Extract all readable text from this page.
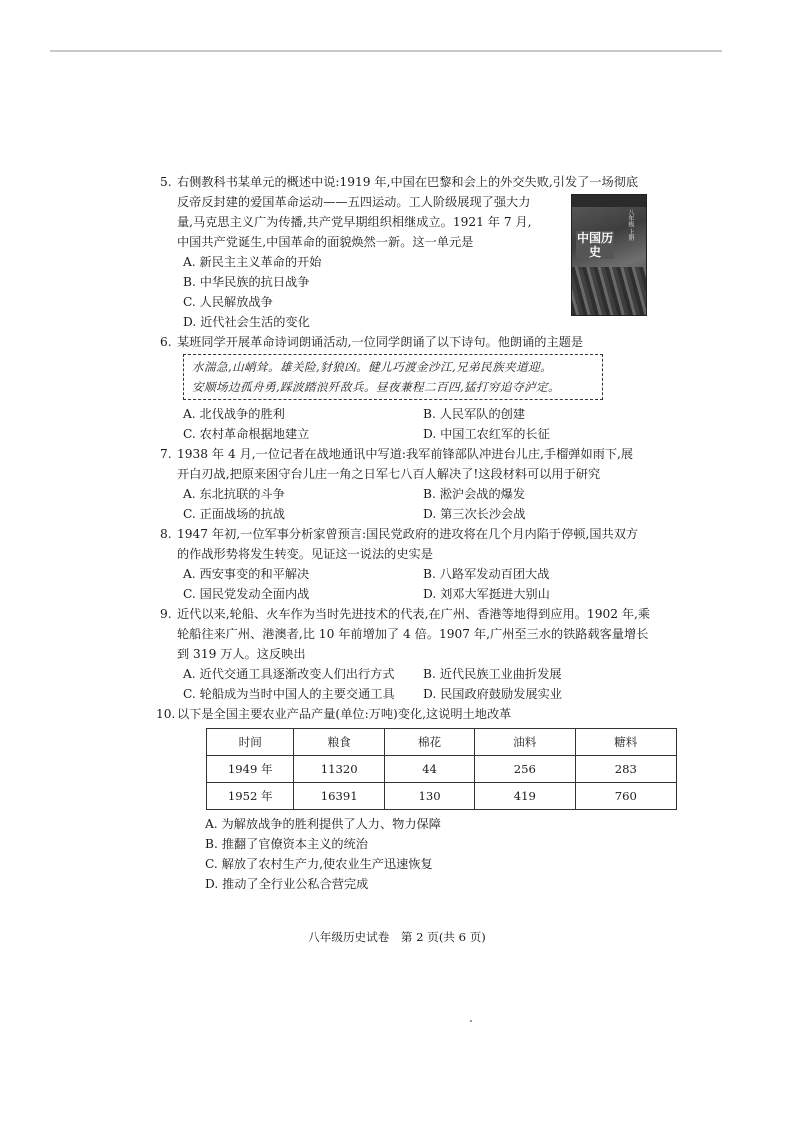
5. 右侧教科书某单元的概述中说:1919 年,中国在巴黎和会上的外交失败,引发了一场彻底

反帝反封建的爱国革命运动——五四运动。工人阶级展现了强大力

量,马克思主义广为传播,共产党早期组织相继成立。1921 年 7 月,

中国共产党诞生,中国革命的面貌焕然一新。这一单元是

A. 新民主主义革命的开始

B. 中华民族的抗日战争

C. 人民解放战争

D. 近代社会生活的变化

八年级 上册
中国历史
6. 某班同学开展革命诗词朗诵活动,一位同学朗诵了以下诗句。他朗诵的主题是

水湍急,山峭耸。雄关险,豺狼凶。健儿巧渡金沙江,兄弟民族夹道迎。
安顺场边孤舟勇,踩波踏浪歼敌兵。昼夜兼程二百四,猛打穷追夺泸定。
A. 北伐战争的胜利	B. 人民军队的创建
C. 农村革命根据地建立	D. 中国工农红军的长征
7. 1938 年 4 月,一位记者在战地通讯中写道:我军前锋部队冲进台儿庄,手榴弹如雨下,展

开白刃战,把原来困守台儿庄一角之日军七八百人解决了!这段材料可以用于研究

A. 东北抗联的斗争	B. 淞沪会战的爆发
C. 正面战场的抗战	D. 第三次长沙会战
8. 1947 年初,一位军事分析家曾预言:国民党政府的进攻将在几个月内陷于停顿,国共双方

的作战形势将发生转变。见证这一说法的史实是

A. 西安事变的和平解决	B. 八路军发动百团大战
C. 国民党发动全面内战	D. 刘邓大军挺进大别山
9. 近代以来,轮船、火车作为当时先进技术的代表,在广州、香港等地得到应用。1902 年,乘

轮船往来广州、港澳者,比 10 年前增加了 4 倍。1907 年,广州至三水的铁路载客量增长

到 319 万人。这反映出

A. 近代交通工具逐渐改变人们出行方式	B. 近代民族工业曲折发展
C. 轮船成为当时中国人的主要交通工具	D. 民国政府鼓励发展实业
10. 以下是全国主要农业产品产量(单位:万吨)变化,这说明土地改革

时间	粮食	棉花	油料	糖料
1949 年	11320	44	256	283
1952 年	16391	130	419	760

A. 为解放战争的胜利提供了人力、物力保障

B. 推翻了官僚资本主义的统治

C. 解放了农村生产力,使农业生产迅速恢复

D. 推动了全行业公私合营完成

八年级历史试卷　第 2 页(共 6 页)
